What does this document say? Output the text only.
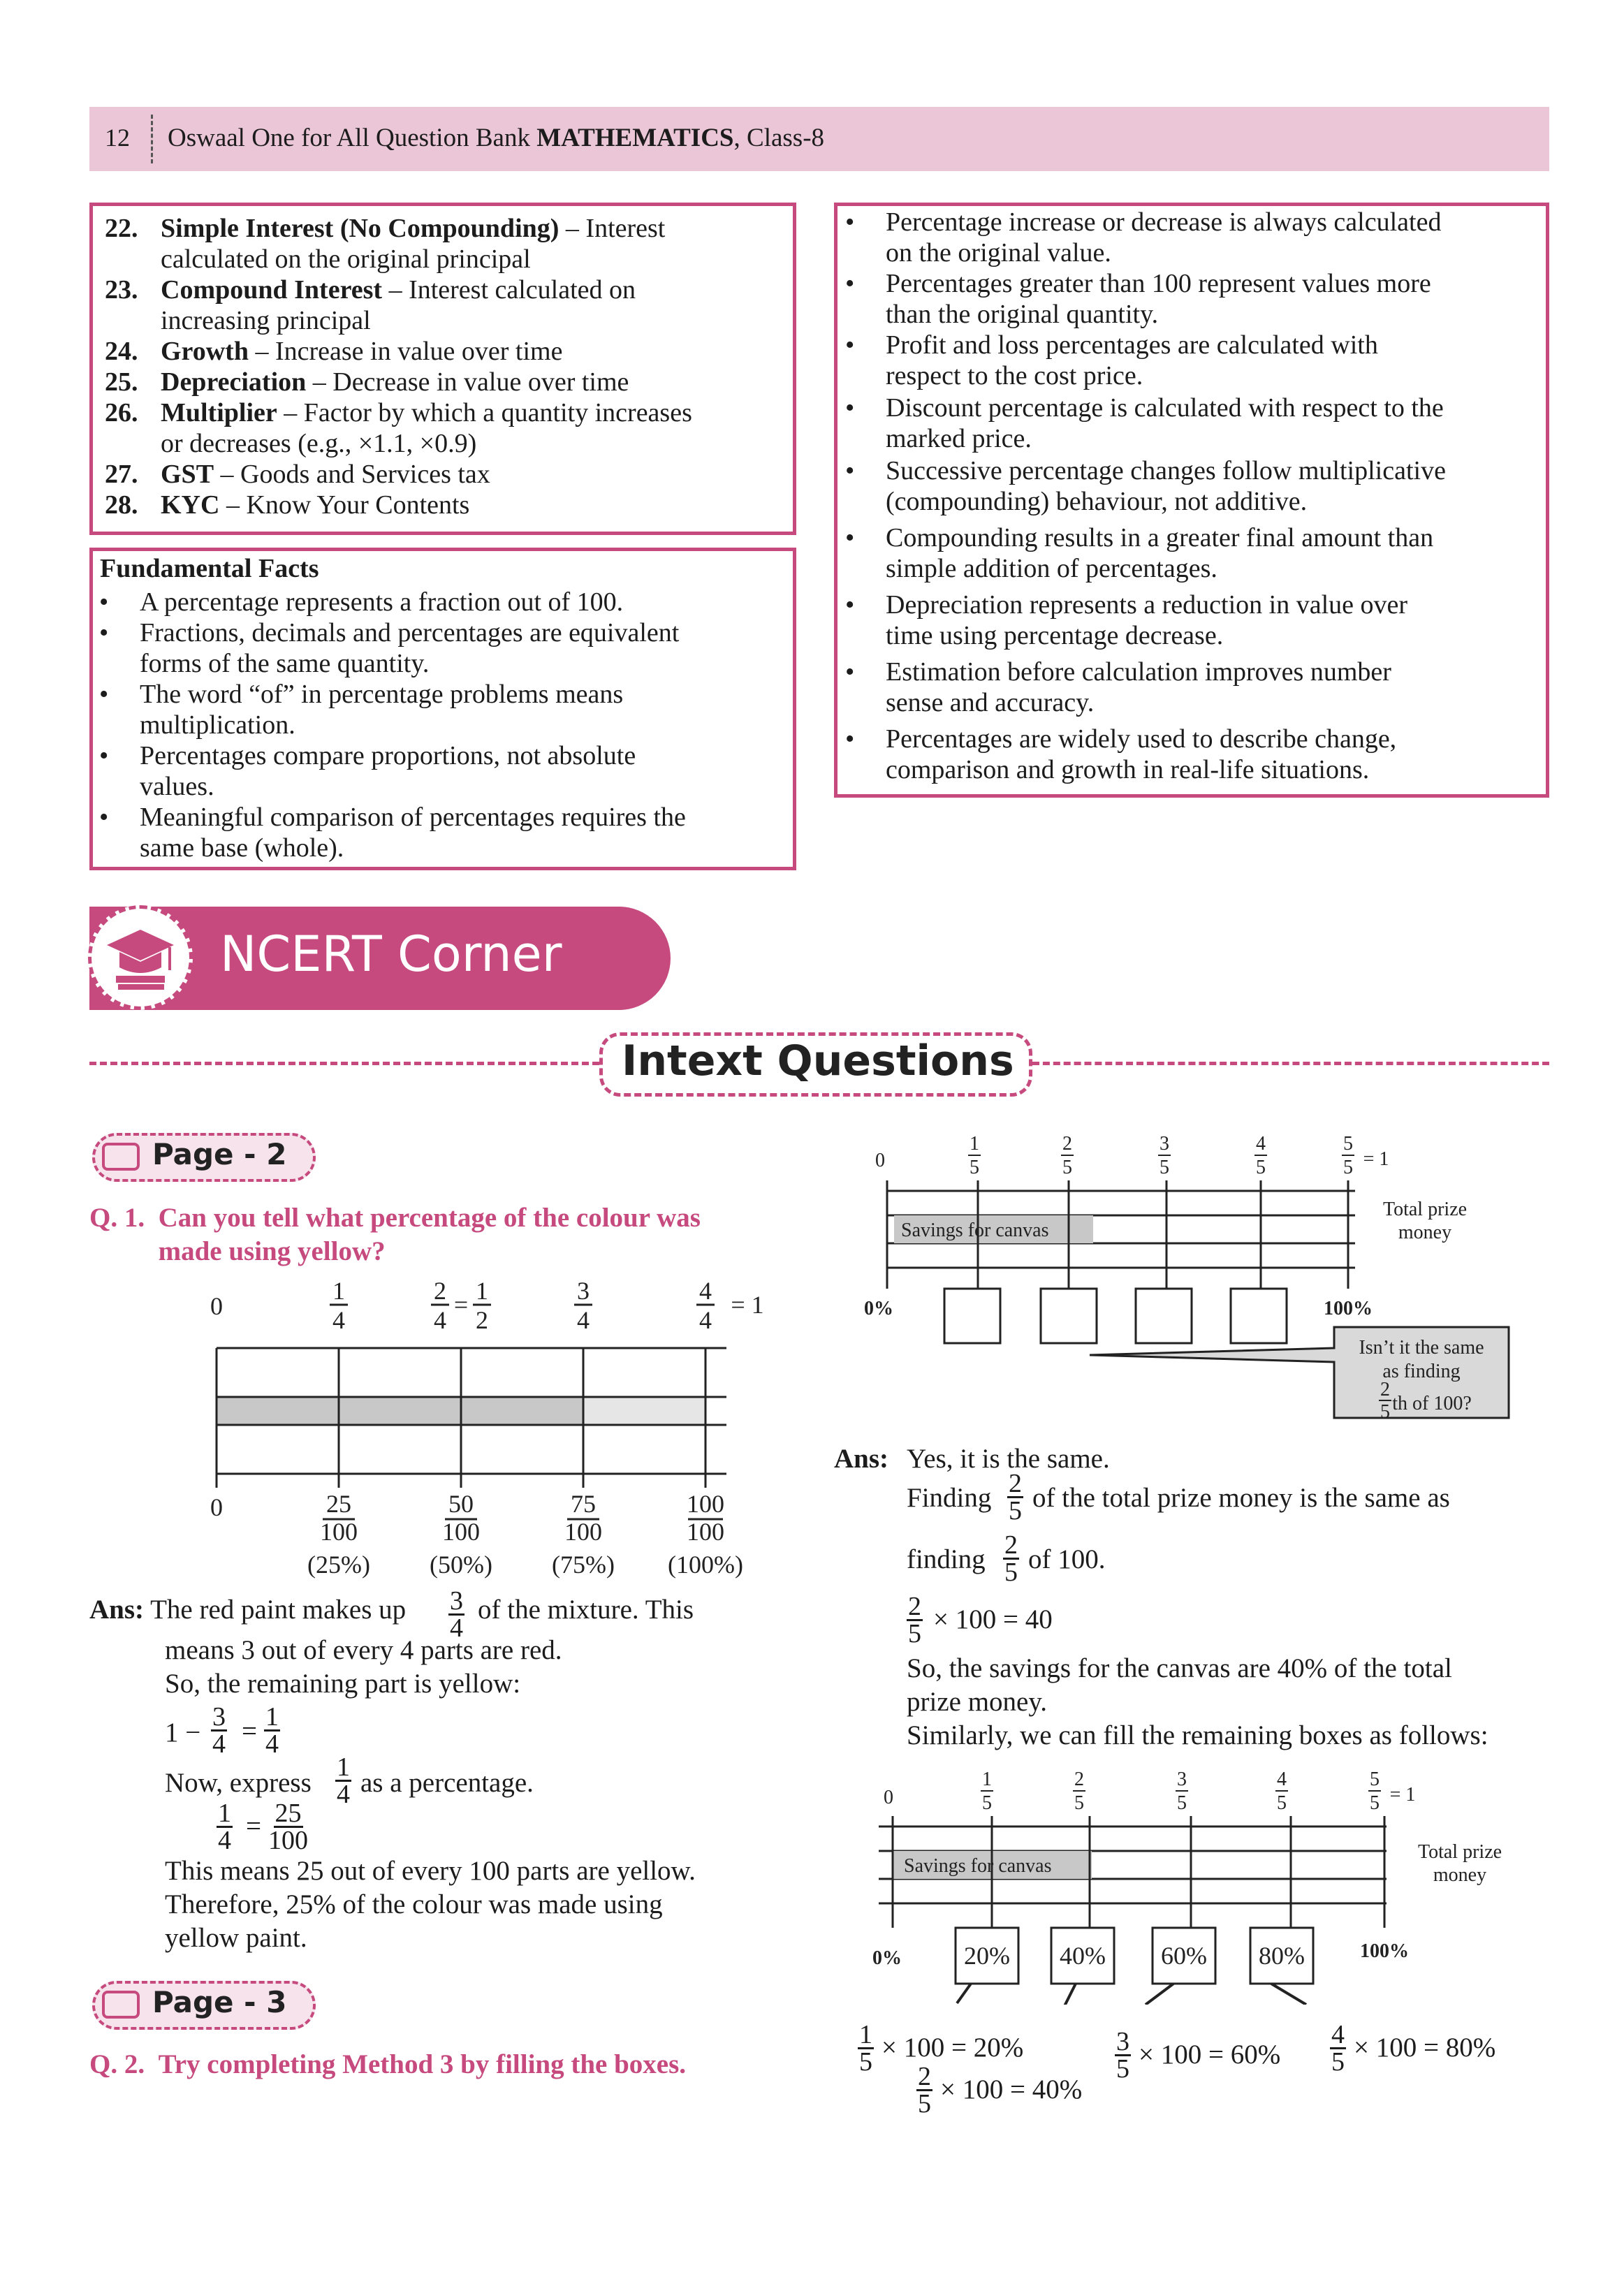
12 Oswaal One for All Question Bank MATHEMATICS, Class-8
22. Simple Interest (No Compounding) – Interest
calculated on the original principal
23. Compound Interest – Interest calculated on
increasing principal
24. Growth – Increase in value over time
25. Depreciation – Decrease in value over time
26. Multiplier – Factor by which a quantity increases
or decreases (e.g., ×1.1, ×0.9)
27. GST – Goods and Services tax
28. KYC – Know Your Contents
Fundamental Facts
• A percentage represents a fraction out of 100.
• Fractions, decimals and percentages are equivalent
forms of the same quantity.
• The word “of” in percentage problems means
multiplication.
• Percentages compare proportions, not absolute
values.
• Meaningful comparison of percentages requires the
same base (whole).
• Percentage increase or decrease is always calculated
on the original value.
• Percentages greater than 100 represent values more
than the original quantity.
• Profit and loss percentages are calculated with
respect to the cost price.
• Discount percentage is calculated with respect to the
marked price.
• Successive percentage changes follow multiplicative
(compounding) behaviour, not additive.
• Compounding results in a greater final amount than
simple addition of percentages.
• Depreciation represents a reduction in value over
time using percentage decrease.
• Estimation before calculation improves number
sense and accuracy.
• Percentages are widely used to describe change,
comparison and growth in real-life situations.
NCERT Corner
Intext Questions
Page - 2
Q. 1. Can you tell what percentage of the colour was
made using yellow?
0
1
4
2
4
= 1
2
3
4
4
4
= 1
0	25
100
50
100
75
100
100
100
(25%) (50%) (75%) (100%)
Ans: The red paint makes up $\frac{3}{4}$ of the mixture. This
means 3 out of every 4 parts are red.
So, the remaining part is yellow:
$1 - \frac{3}{4} = \frac{1}{4}$
Now, express $\frac{1}{4}$ as a percentage.
$\frac{1}{4} = \frac{25}{100}$
This means 25 out of every 100 parts are yellow.
Therefore, 25% of the colour was made using
yellow paint.
Page - 3
Q. 2. Try completing Method 3 by filling the boxes.
0
1
5
2
5
3
5
4
5
5
5 = 1
Savings for canvas
Total prize
money
0%	100%
Isn’t it the same
as finding
2
5 th of 100?
Ans: Yes, it is the same.
Finding $\frac{2}{5}$ of the total prize money is the same as
finding $\frac{2}{5}$ of 100.
$\frac{2}{5} \times 100 = 40$
So, the savings for the canvas are 40% of the total
prize money.
Similarly, we can fill the remaining boxes as follows:
0
1
5
2
5
3
5
4
5
5
5 = 1
Savings for canvas
Total prize
money
0%	100%
20% 40% 60% 80%
$\frac{1}{5} \times 100 = 20\%$
$\frac{2}{5} \times 100 = 40\%$
$\frac{3}{5} \times 100 = 60\% \frac{4}{5} \times 100 = 80\%$
